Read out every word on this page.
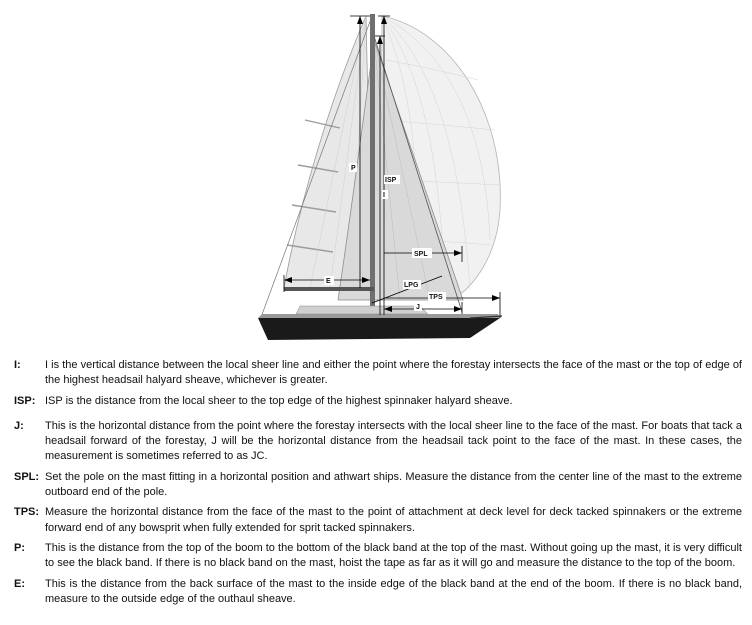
P
ISP
I
SPL
E
LPG
TPS
J
I:	I is the vertical distance between the local sheer line and either the point where the forestay intersects the face of the mast or the top of edge of the highest headsail halyard sheave, whichever is greater.
ISP: ISP is the distance from the local sheer to the top edge of the highest spinnaker halyard sheave.
J:	This is the horizontal distance from the point where the forestay intersects with the local sheer line to the face of the mast. For boats that tack a headsail forward of the forestay, J will be the horizontal distance from the headsail tack point to the face of the mast. In these cases, the measurement is sometimes referred to as JC.
SPL: Set the pole on the mast fitting in a horizontal position and athwart ships. Measure the distance from the center line of the mast to the extreme outboard end of the pole.
TPS: Measure the horizontal distance from the face of the mast to the point of attachment at deck level for deck tacked spinnakers or the extreme forward end of any bowsprit when fully extended for sprit tacked spinnakers.
P:	This is the distance from the top of the boom to the bottom of the black band at the top of the mast. Without going up the mast, it is very difficult to see the black band. If there is no black band on the mast, hoist the tape as far as it will go and measure the distance to the top of the boom.
E:	This is the distance from the back surface of the mast to the inside edge of the black band at the end of the boom. If there is no black band, measure to the outside edge of the outhaul sheave.
